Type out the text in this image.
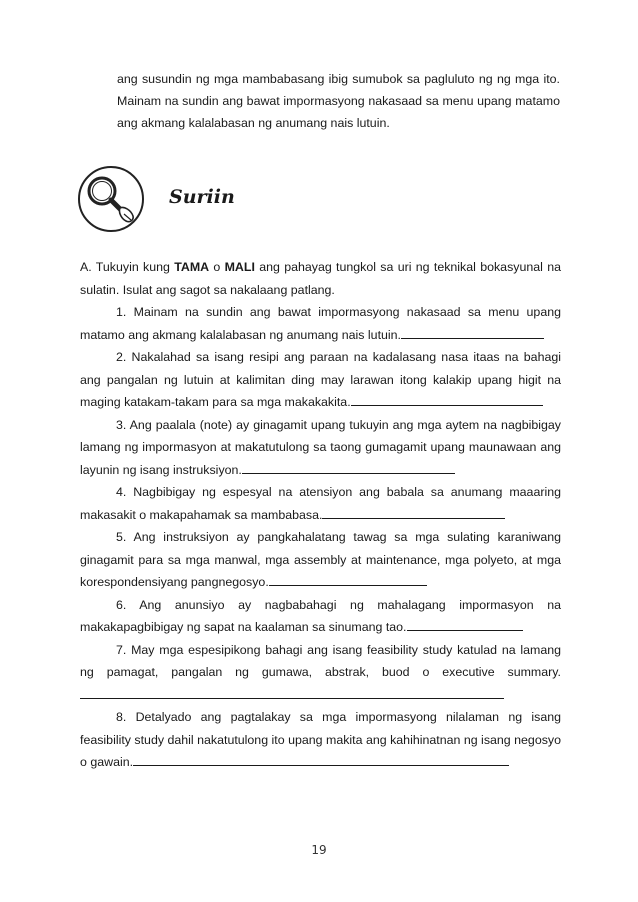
ang susundin ng mga mambabasang ibig sumubok sa pagluluto ng ng mga ito. Mainam na sundin ang bawat impormasyong nakasaad sa menu upang matamo ang akmang kalalabasan ng anumang nais lutuin.
Suriin

A. Tukuyin kung TAMA o MALI ang pahayag tungkol sa uri ng teknikal bokasyunal na sulatin. Isulat ang sagot sa nakalaang patlang.

1. Mainam na sundin ang bawat impormasyong nakasaad sa menu upang matamo ang akmang kalalabasan ng anumang nais lutuin.

2. Nakalahad sa isang resipi ang paraan na kadalasang nasa itaas na bahagi ang pangalan ng lutuin at kalimitan ding may larawan itong kalakip upang higit na maging katakam-takam para sa mga makakakita.

3. Ang paalala (note) ay ginagamit upang tukuyin ang mga aytem na nagbibigay lamang ng impormasyon at makatutulong sa taong gumagamit upang maunawaan ang layunin ng isang instruksiyon.

4. Nagbibigay ng espesyal na atensiyon ang babala sa anumang maaaring makasakit o makapahamak sa mambabasa.

5. Ang instruksiyon ay pangkahalatang tawag sa mga sulating karaniwang ginagamit para sa mga manwal, mga assembly at maintenance, mga polyeto, at mga korespondensiyang pangnegosyo.

6. Ang anunsiyo ay nagbabahagi ng mahalagang impormasyon na makakapagbibigay ng sapat na kaalaman sa sinumang tao.

7. May mga espesipikong bahagi ang isang feasibility study katulad na lamang ng pamagat, pangalan ng gumawa, abstrak, buod o executive summary.

8. Detalyado ang pagtalakay sa mga impormasyong nilalaman ng isang feasibility study dahil nakatutulong ito upang makita ang kahihinatnan ng isang negosyo o gawain.

19
